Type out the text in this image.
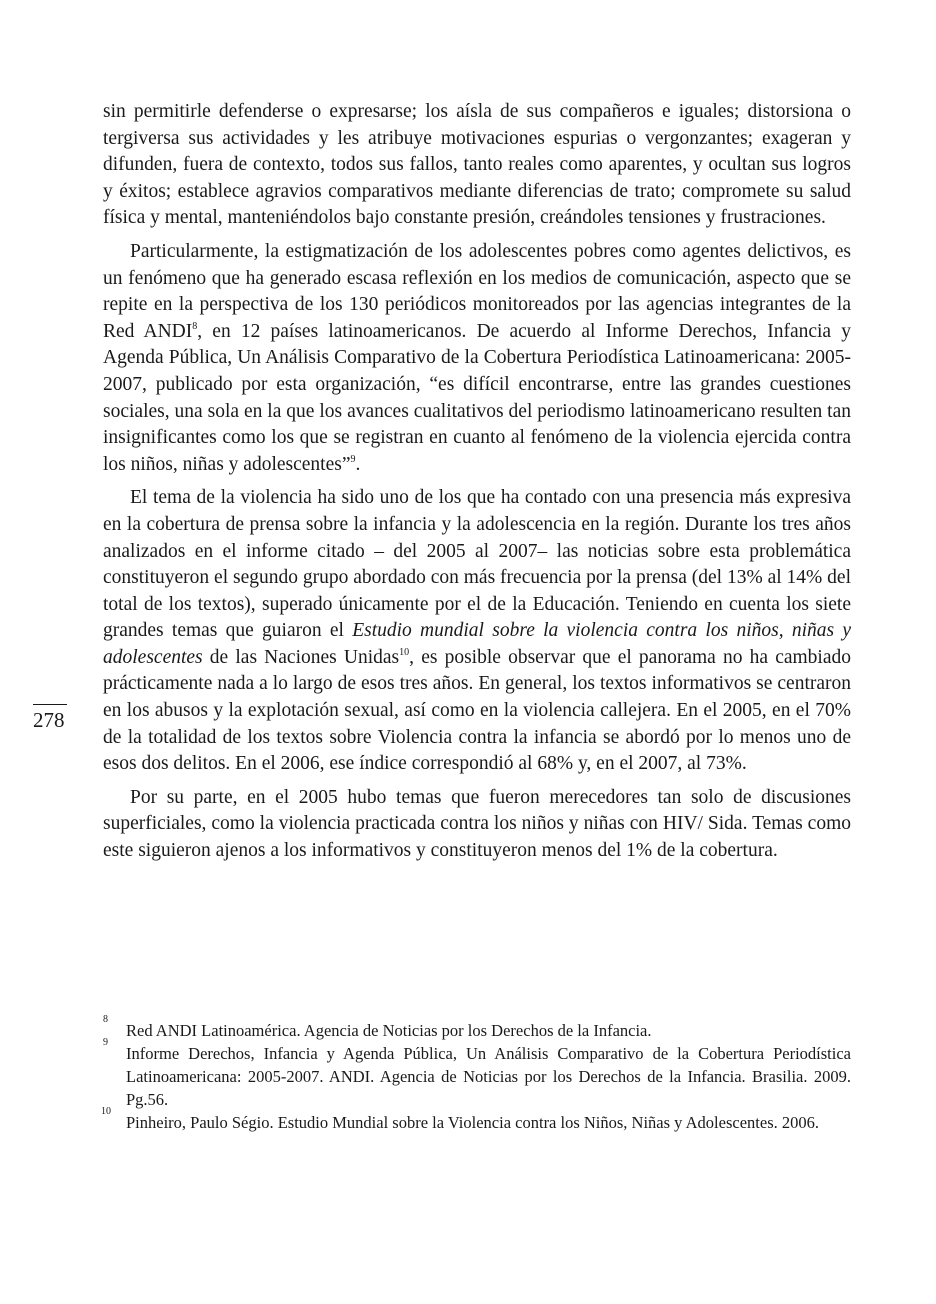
278

sin permitirle defenderse o expresarse; los aísla de sus compañeros e iguales; distorsiona o tergiversa sus actividades y les atribuye motivaciones espurias o vergonzantes; exageran y difunden, fuera de contexto, todos sus fallos, tanto reales como aparentes, y ocultan sus logros y éxitos; establece agravios comparativos mediante diferencias de trato; compromete su salud física y mental, manteniéndolos bajo constante presión, creándoles tensiones y frustraciones.

Particularmente, la estigmatización de los adolescentes pobres como agentes delictivos, es un fenómeno que ha generado escasa reflexión en los medios de comunicación, aspecto que se repite en la perspectiva de los 130 periódicos monitoreados por las agencias integrantes de la Red ANDI$^8$, en 12 países latinoamericanos. De acuerdo al Informe Derechos, Infancia y Agenda Pública, Un Análisis Comparativo de la Cobertura Periodística Latinoamericana: 2005-2007, publicado por esta organización, “es difícil encontrarse, entre las grandes cuestiones sociales, una sola en la que los avances cualitativos del periodismo latinoamericano resulten tan insignificantes como los que se registran en cuanto al fenómeno de la violencia ejercida contra los niños, niñas y adolescentes”$^9$.

El tema de la violencia ha sido uno de los que ha contado con una presencia más expresiva en la cobertura de prensa sobre la infancia y la adolescencia en la región. Durante los tres años analizados en el informe citado – del 2005 al 2007– las noticias sobre esta problemática constituyeron el segundo grupo abordado con más frecuencia por la prensa (del 13% al 14% del total de los textos), superado únicamente por el de la Educación. Teniendo en cuenta los siete grandes temas que guiaron el Estudio mundial sobre la violencia contra los niños, niñas y adolescentes de las Naciones Unidas$^{10}$, es posible observar que el panorama no ha cambiado prácticamente nada a lo largo de esos tres años. En general, los textos informativos se centraron en los abusos y la explotación sexual, así como en la violencia callejera. En el 2005, en el 70% de la totalidad de los textos sobre Violencia contra la infancia se abordó por lo menos uno de esos dos delitos. En el 2006, ese índice correspondió al 68% y, en el 2007, al 73%.

Por su parte, en el 2005 hubo temas que fueron merecedores tan solo de discusiones superficiales, como la violencia practicada contra los niños y niñas con HIV/ Sida. Temas como este siguieron ajenos a los informativos y constituyeron menos del 1% de la cobertura.

8
Red ANDI Latinoamérica. Agencia de Noticias por los Derechos de la Infancia.

9
Informe Derechos, Infancia y Agenda Pública, Un Análisis Comparativo de la Cobertura Periodística Latinoamericana: 2005-2007. ANDI. Agencia de Noticias por los Derechos de la Infancia. Brasilia. 2009. Pg.56.

10
Pinheiro, Paulo Ségio. Estudio Mundial sobre la Violencia contra los Niños, Niñas y Adolescentes. 2006.
